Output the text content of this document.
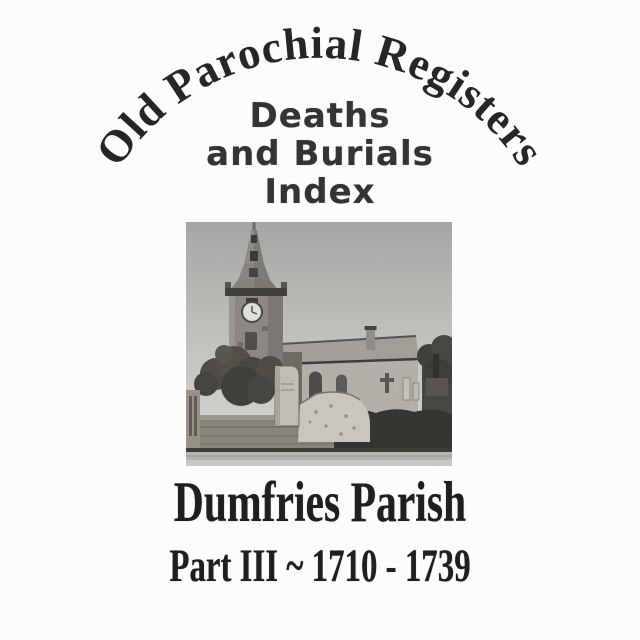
Old Parochial Registers
Deaths
and Burials
Index
Dumfries Parish
Part III ~ 1710 - 1739
